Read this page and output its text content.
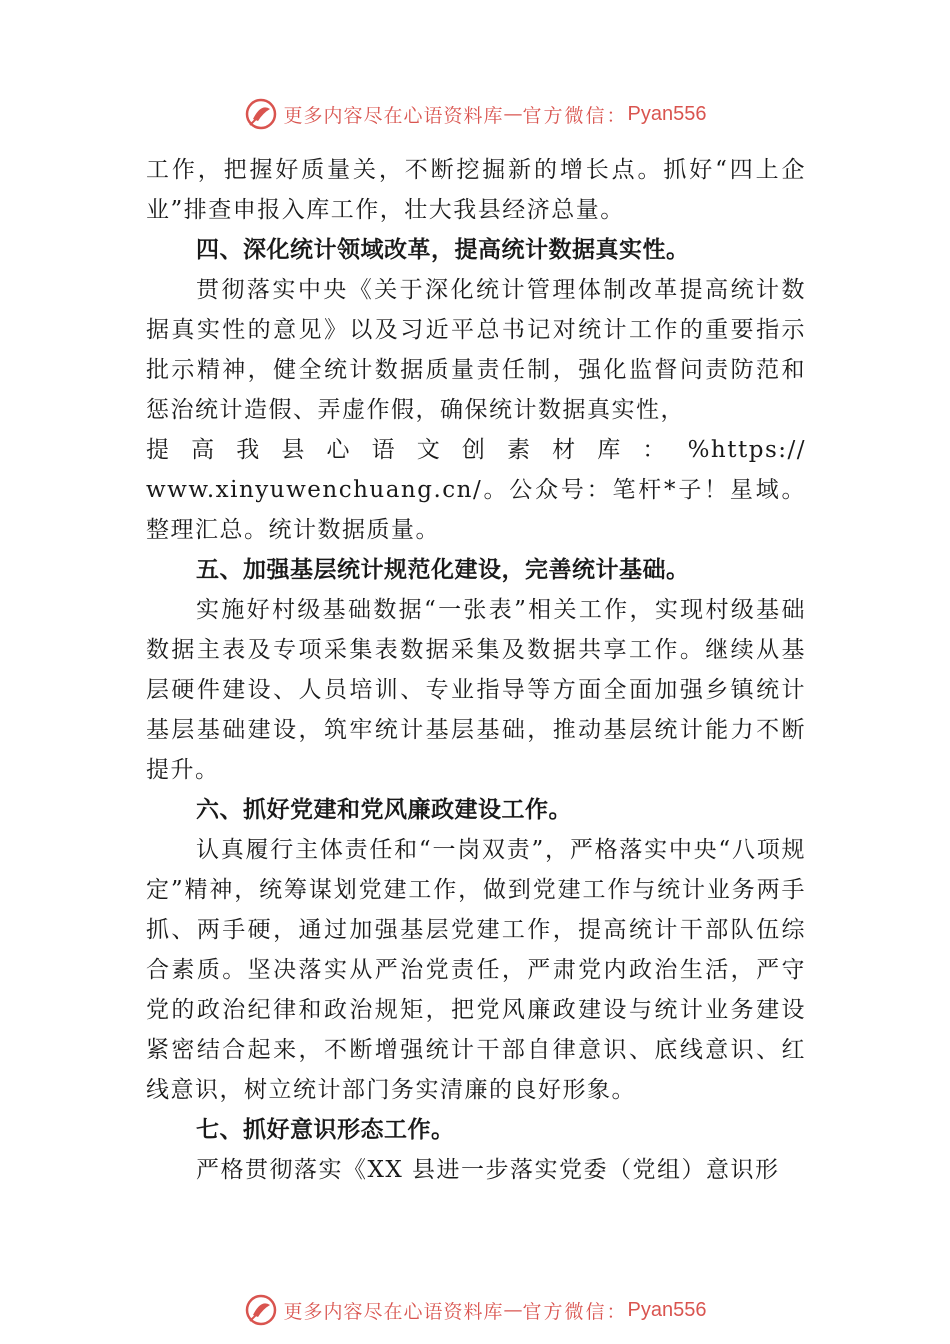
更多内容尽在心语资料库 — 官方微信： Pyan556

工作，把握好质量关，不断挖掘新的增长点。抓好“四上企业”排查申报入库工作，壮大我县经济总量。

四、深化统计领域改革，提高统计数据真实性。

贯彻落实中央《关于深化统计管理体制改革提高统计数据真实性的意见》以及习近平总书记对统计工作的重要指示批示精神，健全统计数据质量责任制，强化监督问责防范和惩治统计造假、弄虚作假，确保统计数据真实性，

提高我县心语文创素材库：%https://

www.xinyuwenchuang.cn/。公众号：笔杆*子！星域。整理汇总。统计数据质量。

五、加强基层统计规范化建设，完善统计基础。

实施好村级基础数据“一张表”相关工作，实现村级基础数据主表及专项采集表数据采集及数据共享工作。继续从基层硬件建设、人员培训、专业指导等方面全面加强乡镇统计基层基础建设，筑牢统计基层基础，推动基层统计能力不断提升。

六、抓好党建和党风廉政建设工作。

认真履行主体责任和“一岗双责”，严格落实中央“八项规定”精神，统筹谋划党建工作，做到党建工作与统计业务两手抓、两手硬，通过加强基层党建工作，提高统计干部队伍综合素质。坚决落实从严治党责任，严肃党内政治生活，严守党的政治纪律和政治规矩，把党风廉政建设与统计业务建设紧密结合起来，不断增强统计干部自律意识、底线意识、红线意识，树立统计部门务实清廉的良好形象。

七、抓好意识形态工作。

严格贯彻落实《XX 县进一步落实党委（党组）意识形

更多内容尽在心语资料库 — 官方微信： Pyan556
